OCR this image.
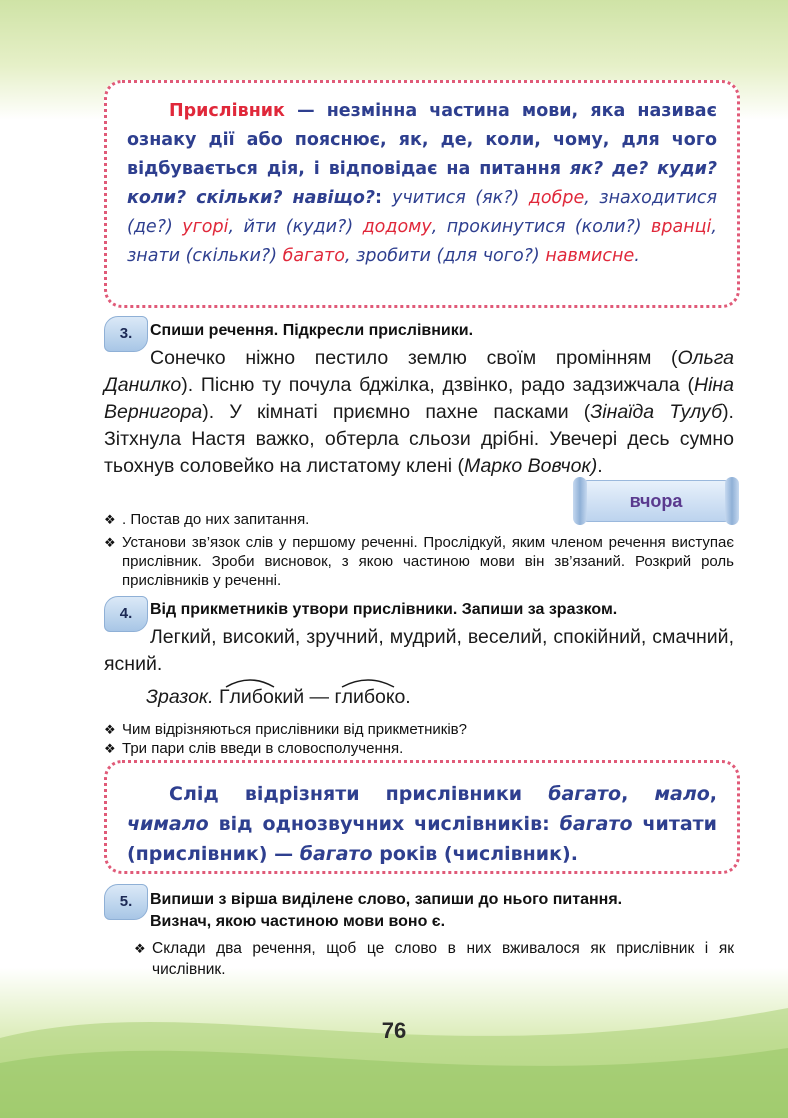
Прислівник — незмінна частина мови, яка називає ознаку дії або пояснює, як, де, коли, чому, для чого відбувається дія, і відповідає на питання як? де? куди? коли? скільки? навіщо?: учитися (як?) добре, знаходитися (де?) угорі, йти (куди?) додому, прокинутися (коли?) вранці, знати (скільки?) багато, зробити (для чого?) навмисне.

3.	Спиши речення. Підкресли прислівники.

Сонечко ніжно пестило землю своїм промінням (Ольга Данилко). Пісню ту почула бджілка, дзвінко, радо задзижчала (Ніна Вернигора). У кімнаті приємно пахне пасками (Зінаїда Тулуб). Зітхнула Настя важко, обтерла сльози дрібні. Увечері десь сумно тьохнув соловейко на листатому клені (Марко Вовчок).

вчора
❖ . Постав до них запитання.
❖ Установи зв’язок слів у першому реченні. Прослідкуй, яким членом речення виступає прислівник. Зроби висновок, з якою частиною мови він зв’язаний. Розкрий роль прислівників у реченні.
4.	Від прикметників утвори прислівники. Запиши за зразком.

Легкий, високий, зручний, мудрий, веселий, спокійний, смачний, ясний.

Зразок. Г
либокий — г
либоко.
❖ Чим відрізняються прислівники від прикметників?
❖ Три пари слів введи в словосполучення.

Слід відрізняти прислівники багато, мало, чимало від однозвучних числівників: багато читати (прислівник) — багато років (числівник).

5.	Випиши з вірша виділене слово, запиши до нього питання.
Визнач, якою частиною мови воно є.
❖ Склади два речення, щоб це слово в них вживалося як прислівник і як числівник.
76
